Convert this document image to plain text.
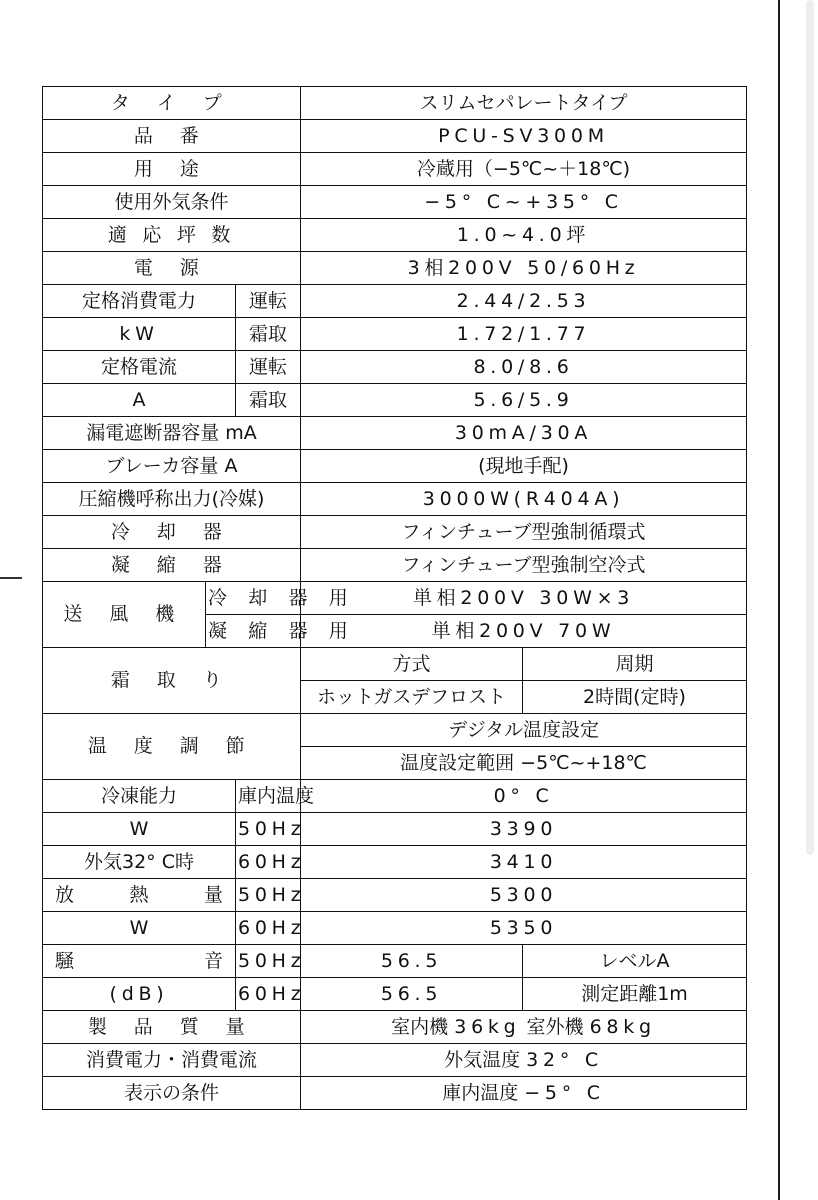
タ イ プ			スリムセパレートタイプ	
品 番			PCU-SV300M	
用 途			冷蔵用（−5℃~＋18℃)	
使用外気条件			−5° C~+35° C	
適 応 坪 数			1.0~4.0坪	
電 源			3相200V 50/60Hz	
定格消費電力		運転	2.44/2.53	
kW		霜取	1.72/1.77	
定格電流		運転	8.0/8.6	
A		霜取	5.6/5.9	
漏電遮断器容量 mA			30mA/30A	
ブレーカ容量 A			(現地手配)	
圧縮機呼称出力(冷媒)			3000W(R404A)	
冷 却 器			フィンチューブ型強制循環式	
凝 縮 器			フィンチューブ型強制空冷式	
送 風 機	冷 却 器 用		単相200V 30W×3	
	凝 縮 器 用		単相200V 70W	
霜 取 り			方式	周期
			ホットガスデフロスト	2時間(定時)
温 度 調 節			デジタル温度設定	
			温度設定範囲 −5℃~+18℃	
冷凍能力		庫内温度	0° C	
W		50Hz	3390	
外気32° C時		60Hz	3410	

放 熱 量		50Hz	5300	
W		60Hz	5350	

騒 音		50Hz	56.5	レベルA
(dB)		60Hz	56.5	測定距離1m
製 品 質 量			室内機 36kg 室外機 68kg	
消費電力・消費電流			外気温度 32° C	
表示の条件			庫内温度 −5° C	
